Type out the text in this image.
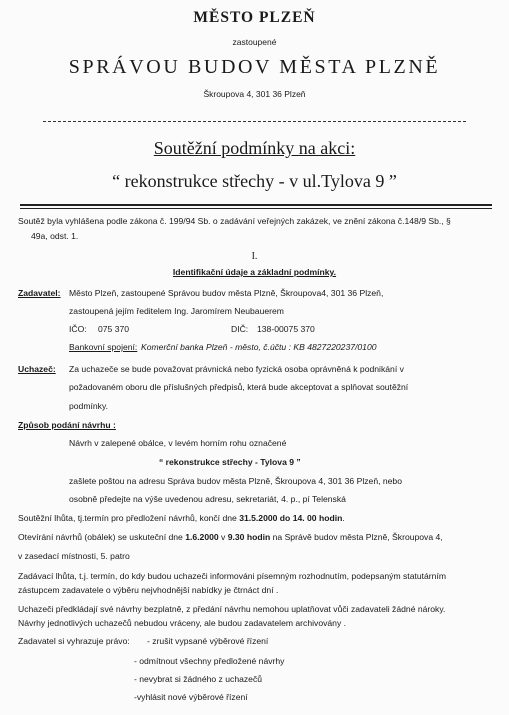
MĚSTO PLZEŇ
zastoupené
SPRÁVOU BUDOV MĚSTA PLZNĚ
Škroupova 4, 301 36 Plzeň
Soutěžní podmínky na akci:
“ rekonstrukce střechy - v ul.Tylova 9 ”
Soutěž byla vyhlášena podle zákona č. 199/94 Sb. o zadávání veřejných zakázek, ve znění zákona č.148/9 Sb., §
49a, odst. 1.
I.
Identifikační údaje a základní podmínky.
Zadavatel: Město Plzeň, zastoupené Správou budov města Plzně, Škroupova4, 301 36 Plzeň,
zastoupená jejím ředitelem Ing. Jaromírem Neubauerem
IČO: 075 370	DIČ: 138-00075 370
Bankovní spojení: Komerční banka Plzeň - město, č.účtu : KB 4827220237/0100
Uchazeč: Za uchazeče se bude považovat právnická nebo fyzická osoba oprávněná k podnikání v
požadovaném oboru dle příslušných předpisů, která bude akceptovat a splňovat soutěžní
podmínky.
Způsob podání návrhu :
Návrh v zalepené obálce, v levém horním rohu označené
“ rekonstrukce střechy - Tylova 9 ”
zašlete poštou na adresu Správa budov města Plzně, Škroupova 4, 301 36 Plzeň, nebo
osobně předejte na výše uvedenou adresu, sekretariát, 4. p., pí Telenská
Soutěžní lhůta, tj.termín pro předložení návrhů, končí dne 31.5.2000 do 14. 00 hodin.
Otevírání návrhů (obálek) se uskuteční dne 1.6.2000 v 9.30 hodin na Správě budov města Plzně, Škroupova 4,
v zasedací místnosti, 5. patro
Zadávací lhůta, t.j. termín, do kdy budou uchazeči informováni písemným rozhodnutím, podepsaným statutárním
zástupcem zadavatele o výběru nejvhodnější nabídky je čtrnáct dní .
Uchazeči předkládají své návrhy bezplatně, z předání návrhu nemohou uplatňovat vůči zadavateli žádné nároky.
Návrhy jednotlivých uchazečů nebudou vráceny, ale budou zadavatelem archivovány .
Zadavatel si vyhrazuje právo: - zrušit vypsané výběrové řízení
- odmítnout všechny předložené návrhy
- nevybrat si žádného z uchazečů
-vyhlásit nové výběrové řízení
